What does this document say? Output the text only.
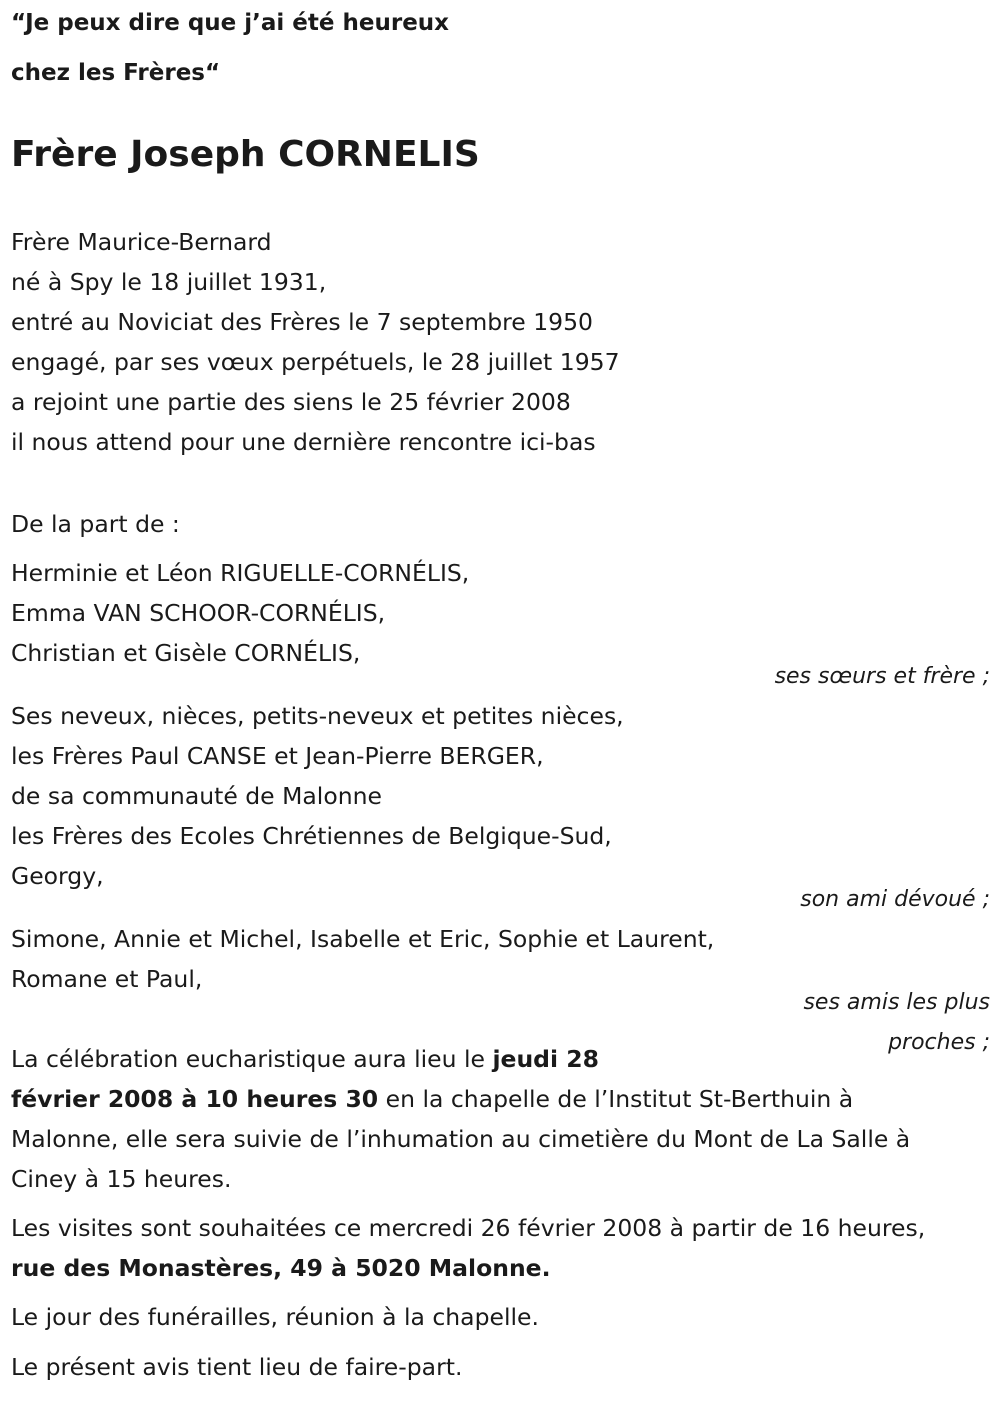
“Je peux dire que j’ai été heureux
chez les Frères“
Frère Joseph CORNELIS
Frère Maurice-Bernard
né à Spy le 18 juillet 1931,
entré au Noviciat des Frères le 7 septembre 1950
engagé, par ses vœux perpétuels, le 28 juillet 1957
a rejoint une partie des siens le 25 février 2008
il nous attend pour une dernière rencontre ici-bas
De la part de :
Herminie et Léon RIGUELLE-CORNÉLIS,
Emma VAN SCHOOR-CORNÉLIS,
Christian et Gisèle CORNÉLIS,
ses sœurs et frère ;
Ses neveux, nièces, petits-neveux et petites nièces,
les Frères Paul CANSE et Jean-Pierre BERGER,
de sa communauté de Malonne
les Frères des Ecoles Chrétiennes de Belgique-Sud,
Georgy,
son ami dévoué ;
Simone, Annie et Michel, Isabelle et Eric, Sophie et Laurent,
Romane et Paul,
ses amis les plus proches ;
La célébration eucharistique aura lieu le jeudi 28
février 2008 à 10 heures 30 en la chapelle de l’Institut St-Berthuin à Malonne, elle sera suivie de l’inhumation au cimetière du Mont de La Salle à Ciney à 15 heures.
Les visites sont souhaitées ce mercredi 26 février 2008 à partir de 16 heures, rue des Monastères, 49 à 5020 Malonne.
Le jour des funérailles, réunion à la chapelle.
Le présent avis tient lieu de faire-part.
